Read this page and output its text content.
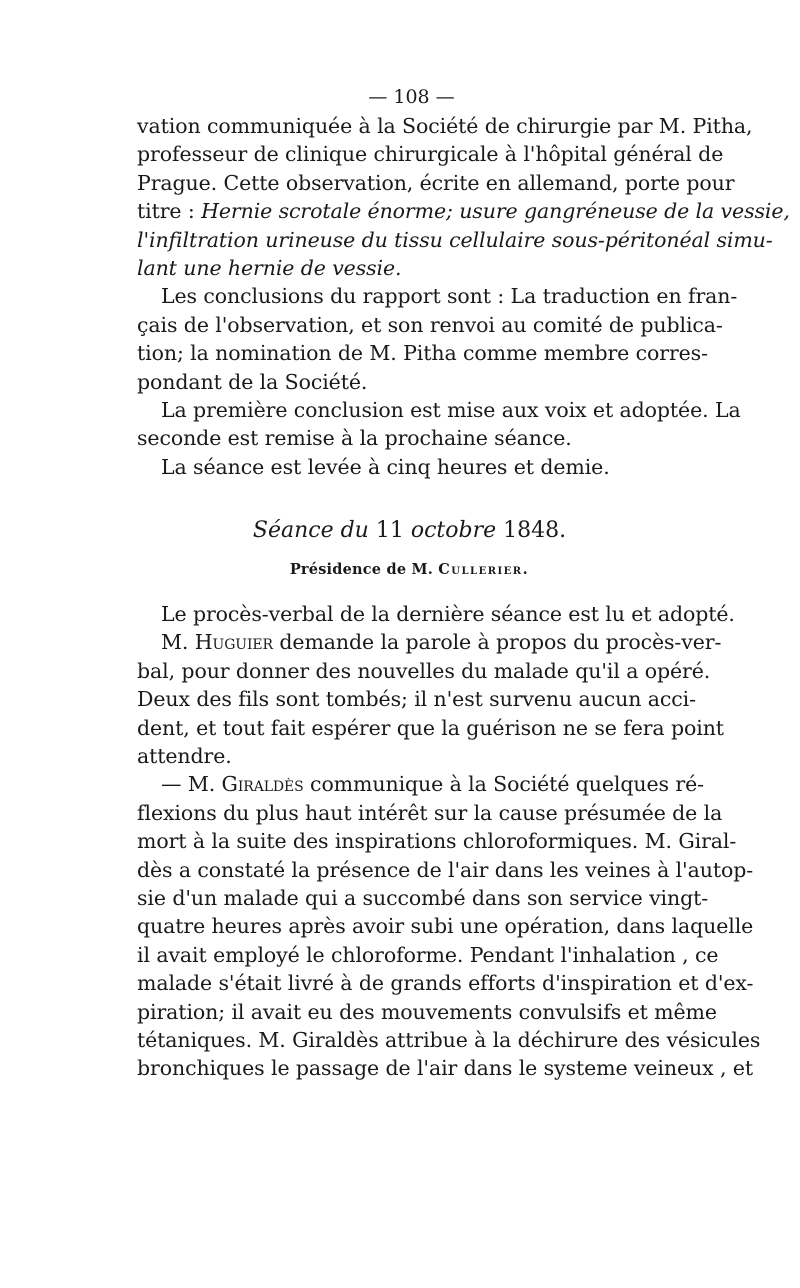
— 108 —
vation communiquée à la Société de chirurgie par M. Pitha,
professeur de clinique chirurgicale à l'hôpital général de
Prague. Cette observation, écrite en allemand, porte pour
titre : Hernie scrotale énorme; usure gangréneuse de la vessie,
l'infiltration urineuse du tissu cellulaire sous-péritonéal simu-
lant une hernie de vessie.
Les conclusions du rapport sont : La traduction en fran-
çais de l'observation, et son renvoi au comité de publica-
tion; la nomination de M. Pitha comme membre corres-
pondant de la Société.
La première conclusion est mise aux voix et adoptée. La
seconde est remise à la prochaine séance.
La séance est levée à cinq heures et demie.
Séance du 11 octobre 1848.
Présidence de M. Cullerier.
Le procès-verbal de la dernière séance est lu et adopté.
M. Huguier demande la parole à propos du procès-ver-
bal, pour donner des nouvelles du malade qu'il a opéré.
Deux des fils sont tombés; il n'est survenu aucun acci-
dent, et tout fait espérer que la guérison ne se fera point
attendre.
— M. Giraldès communique à la Société quelques ré-
flexions du plus haut intérêt sur la cause présumée de la
mort à la suite des inspirations chloroformiques. M. Giral-
dès a constaté la présence de l'air dans les veines à l'autop-
sie d'un malade qui a succombé dans son service vingt-
quatre heures après avoir subi une opération, dans laquelle
il avait employé le chloroforme. Pendant l'inhalation , ce
malade s'était livré à de grands efforts d'inspiration et d'ex-
piration; il avait eu des mouvements convulsifs et même
tétaniques. M. Giraldès attribue à la déchirure des vésicules
bronchiques le passage de l'air dans le systeme veineux , et
